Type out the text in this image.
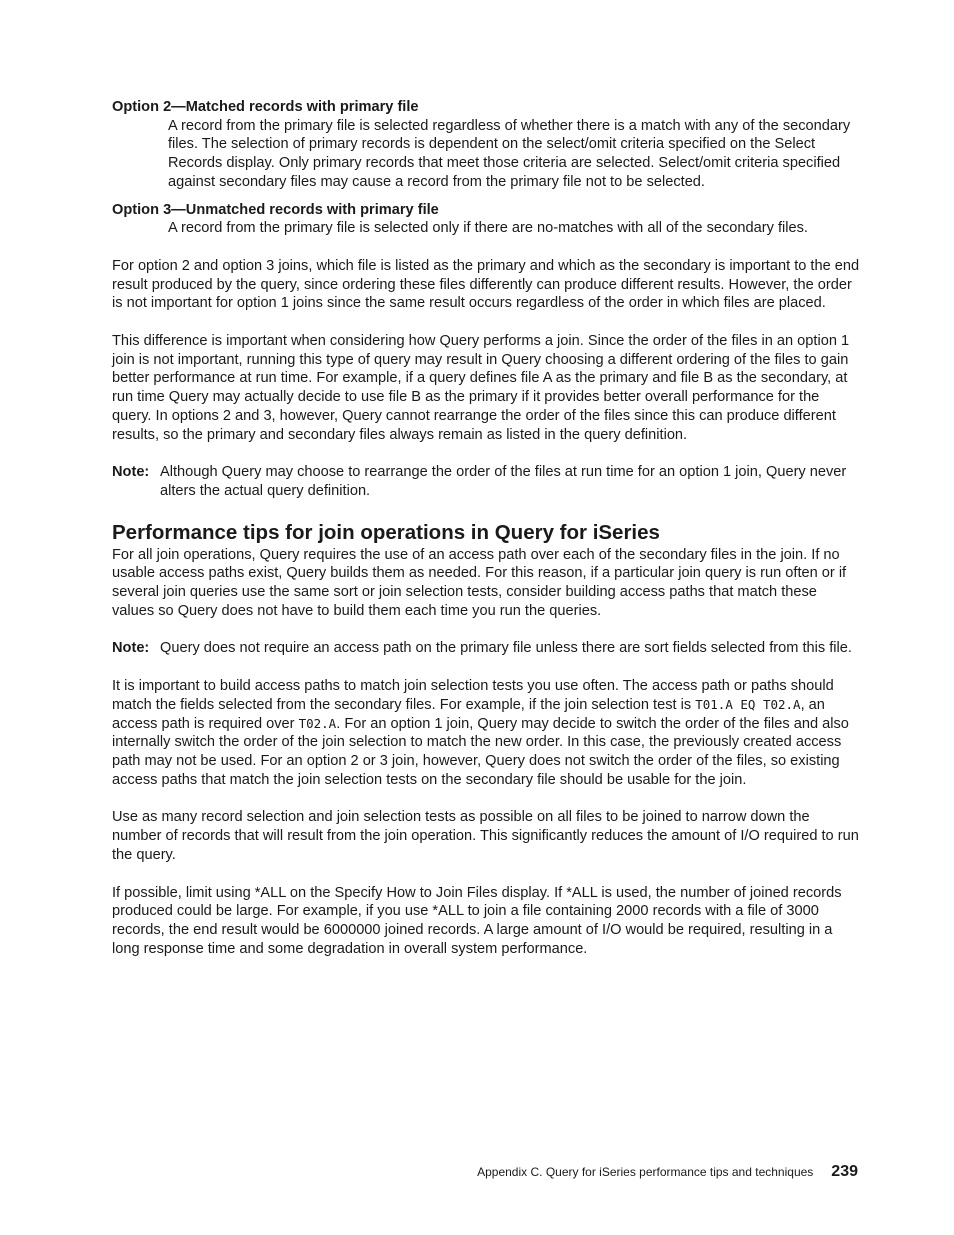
Option 2—Matched records with primary file
A record from the primary file is selected regardless of whether there is a match with any of the secondary files. The selection of primary records is dependent on the select/omit criteria specified on the Select Records display. Only primary records that meet those criteria are selected. Select/omit criteria specified against secondary files may cause a record from the primary file not to be selected.
Option 3—Unmatched records with primary file
A record from the primary file is selected only if there are no-matches with all of the secondary files.

For option 2 and option 3 joins, which file is listed as the primary and which as the secondary is important to the end result produced by the query, since ordering these files differently can produce different results. However, the order is not important for option 1 joins since the same result occurs regardless of the order in which files are placed.

This difference is important when considering how Query performs a join. Since the order of the files in an option 1 join is not important, running this type of query may result in Query choosing a different ordering of the files to gain better performance at run time. For example, if a query defines file A as the primary and file B as the secondary, at run time Query may actually decide to use file B as the primary if it provides better overall performance for the query. In options 2 and 3, however, Query cannot rearrange the order of the files since this can produce different results, so the primary and secondary files always remain as listed in the query definition.

Note: Although Query may choose to rearrange the order of the files at run time for an option 1 join, Query never alters the actual query definition.
Performance tips for join operations in Query for iSeries

For all join operations, Query requires the use of an access path over each of the secondary files in the join. If no usable access paths exist, Query builds them as needed. For this reason, if a particular join query is run often or if several join queries use the same sort or join selection tests, consider building access paths that match these values so Query does not have to build them each time you run the queries.

Note: Query does not require an access path on the primary file unless there are sort fields selected from this file.

It is important to build access paths to match join selection tests you use often. The access path or paths should match the fields selected from the secondary files. For example, if the join selection test is T01.A EQ T02.A, an access path is required over T02.A. For an option 1 join, Query may decide to switch the order of the files and also internally switch the order of the join selection to match the new order. In this case, the previously created access path may not be used. For an option 2 or 3 join, however, Query does not switch the order of the files, so existing access paths that match the join selection tests on the secondary file should be usable for the join.

Use as many record selection and join selection tests as possible on all files to be joined to narrow down the number of records that will result from the join operation. This significantly reduces the amount of I/O required to run the query.

If possible, limit using *ALL on the Specify How to Join Files display. If *ALL is used, the number of joined records produced could be large. For example, if you use *ALL to join a file containing 2000 records with a file of 3000 records, the end result would be 6000000 joined records. A large amount of I/O would be required, resulting in a long response time and some degradation in overall system performance.

Appendix C. Query for iSeries performance tips and techniques 239
